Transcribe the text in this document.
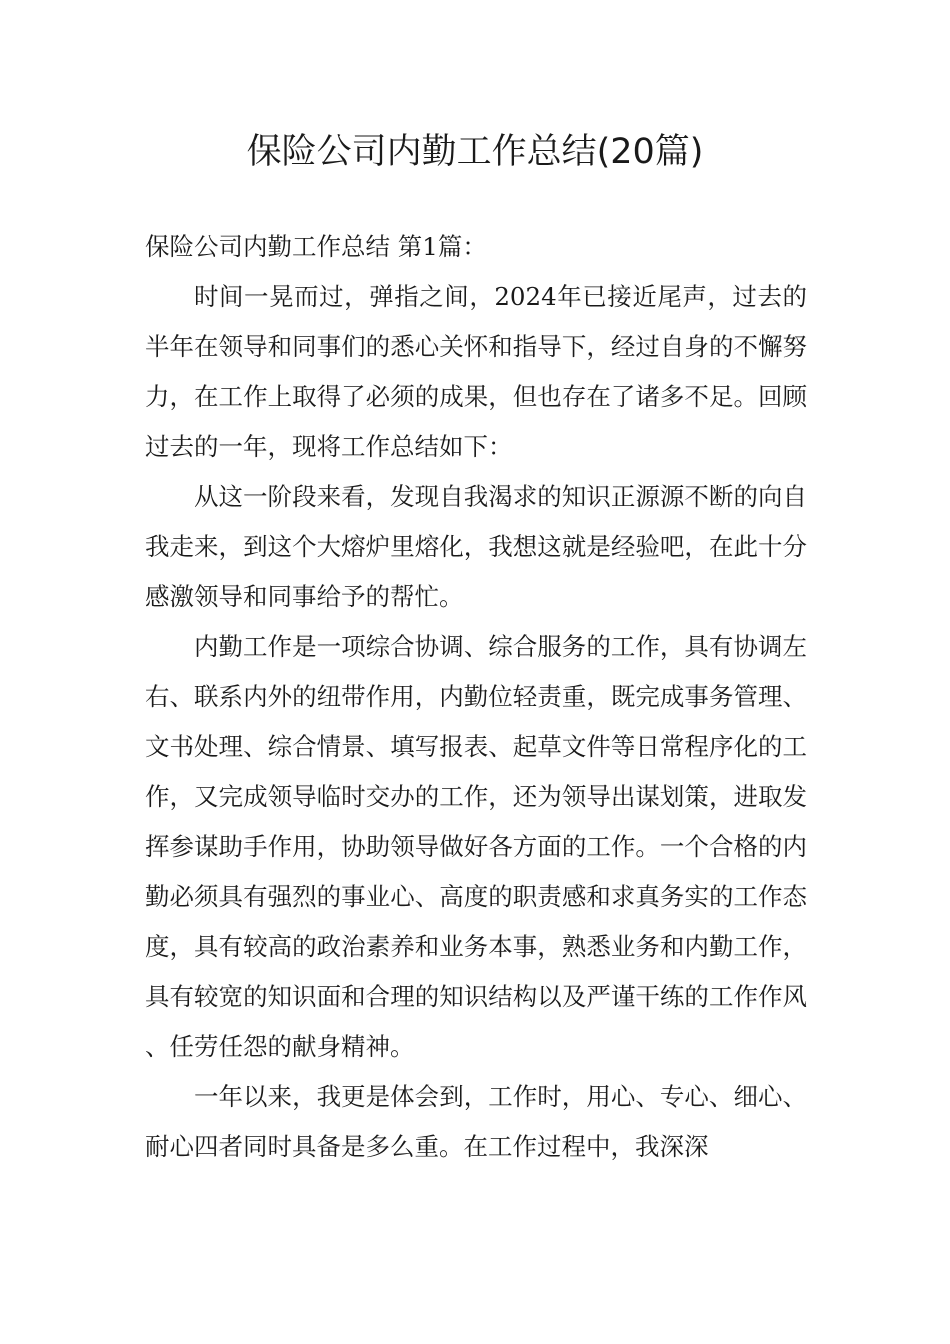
保险公司内勤工作总结(20篇)

保险公司内勤工作总结 第1篇：

时间一晃而过，弹指之间，2024年已接近尾声，过去的半年在领导和同事们的悉心关怀和指导下，经过自身的不懈努力，在工作上取得了必须的成果，但也存在了诸多不足。回顾过去的一年，现将工作总结如下：

从这一阶段来看，发现自我渴求的知识正源源不断的向自我走来，到这个大熔炉里熔化，我想这就是经验吧，在此十分感激领导和同事给予的帮忙。

内勤工作是一项综合协调、综合服务的工作，具有协调左右、联系内外的纽带作用，内勤位轻责重，既完成事务管理、文书处理、综合情景、填写报表、起草文件等日常程序化的工作，又完成领导临时交办的工作，还为领导出谋划策，进取发挥参谋助手作用，协助领导做好各方面的工作。一个合格的内勤必须具有强烈的事业心、高度的职责感和求真务实的工作态度，具有较高的政治素养和业务本事，熟悉业务和内勤工作，具有较宽的知识面和合理的知识结构以及严谨干练的工作作风、任劳任怨的献身精神。

一年以来，我更是体会到，工作时，用心、专心、细心、耐心四者同时具备是多么重。在工作过程中，我深深
